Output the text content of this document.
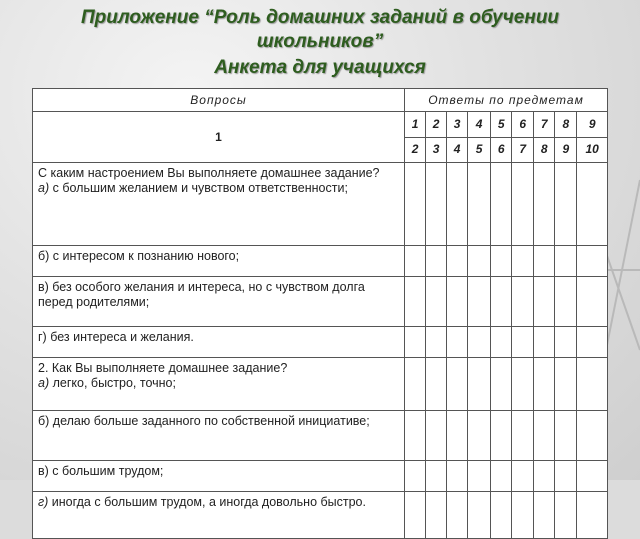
Приложение “Роль домашних заданий в обучении
школьников”
Анкета для учащихся
Вопросы	Ответы по предметам								
1	1	2	3	4	5	6	7	8	9
	2	3	4	5	6	7	8	9	10
С каким настроением Вы выполняете домашнее задание?
а) с большим желанием и чувством ответственности;									
б) с интересом к познанию нового;									
в) без особого желания и интереса, но с чувством долга перед родителями;									
г) без интереса и желания.									
2. Как Вы выполняете домашнее задание?
а) легко, быстро, точно;									
б) делаю больше заданного по собственной инициативе;									
в) с большим трудом;									
г) иногда с большим трудом, а иногда довольно быстро.									
